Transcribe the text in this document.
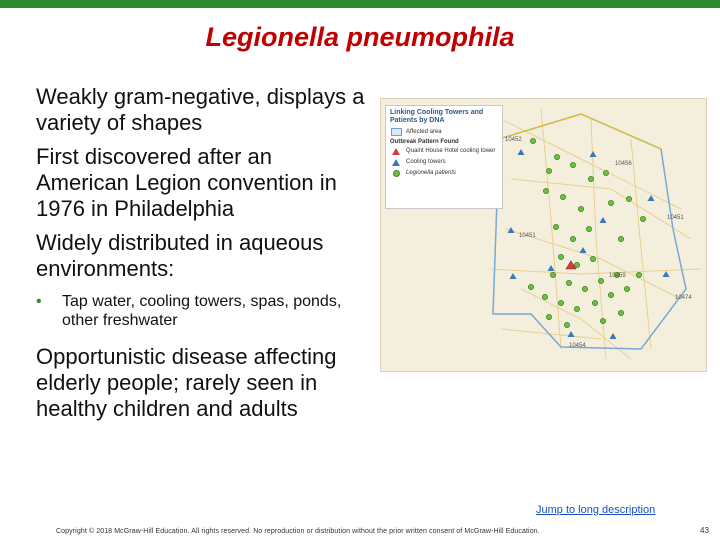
Legionella pneumophila
Weakly gram-negative, displays a variety of shapes
First discovered after an American Legion convention in 1976 in Philadelphia
Widely distributed in aqueous environments:
• Tap water, cooling towers, spas, ponds, other freshwater
Opportunistic disease affecting elderly people; rarely seen in healthy children and adults
10452
10456
10451
10459
10474
10454
10451
Linking Cooling Towers and Patients by DNA
Affected area
Outbreak Pattern Found
Quaint House Hotel cooling tower
Cooling towers
Legionella patients
Jump to long description
Copyright © 2018 McGraw-Hill Education. All rights reserved. No reproduction or distribution without the prior written consent of McGraw-Hill Education.	43
